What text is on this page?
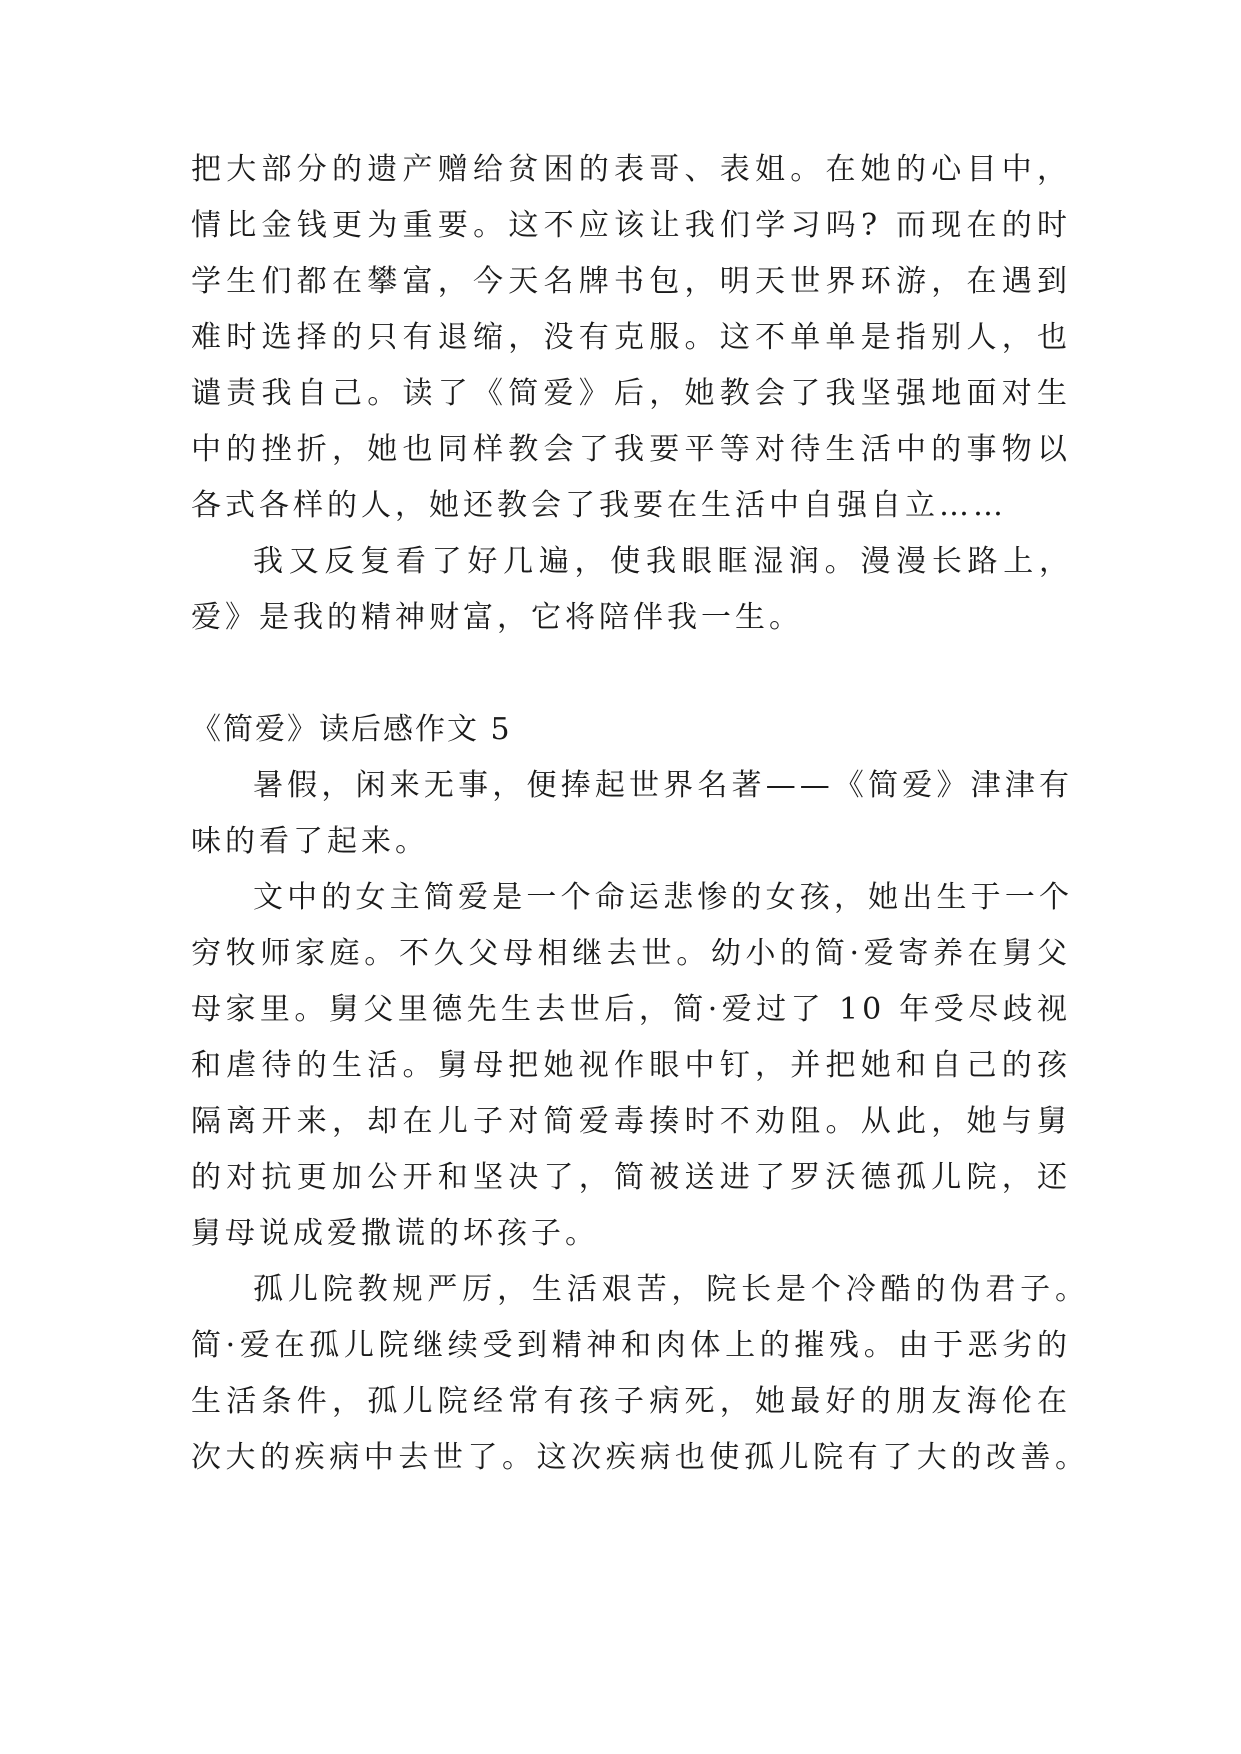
把大部分的遗产赠给贫困的表哥、表姐。在她的心目中，
情比金钱更为重要。这不应该让我们学习吗? 而现在的时
学生们都在攀富，今天名牌书包，明天世界环游，在遇到
难时选择的只有退缩，没有克服。这不单单是指别人，也
谴责我自己。读了《简爱》后，她教会了我坚强地面对生
中的挫折，她也同样教会了我要平等对待生活中的事物以
各式各样的人，她还教会了我要在生活中自强自立……
我又反复看了好几遍，使我眼眶湿润。漫漫长路上，
爱》是我的精神财富，它将陪伴我一生。
《简爱》读后感作文 5
暑假，闲来无事，便捧起世界名著——《简爱》津津有
味的看了起来。
文中的女主简爱是一个命运悲惨的女孩，她出生于一个
穷牧师家庭。不久父母相继去世。幼小的简·爱寄养在舅父
母家里。舅父里德先生去世后，简·爱过了 10 年受尽歧视
和虐待的生活。舅母把她视作眼中钉，并把她和自己的孩
隔离开来，却在儿子对简爱毒揍时不劝阻。从此，她与舅
的对抗更加公开和坚决了，简被送进了罗沃德孤儿院，还
舅母说成爱撒谎的坏孩子。
孤儿院教规严厉，生活艰苦，院长是个冷酷的伪君子。
简·爱在孤儿院继续受到精神和肉体上的摧残。由于恶劣的
生活条件，孤儿院经常有孩子病死，她最好的朋友海伦在
次大的疾病中去世了。这次疾病也使孤儿院有了大的改善。
